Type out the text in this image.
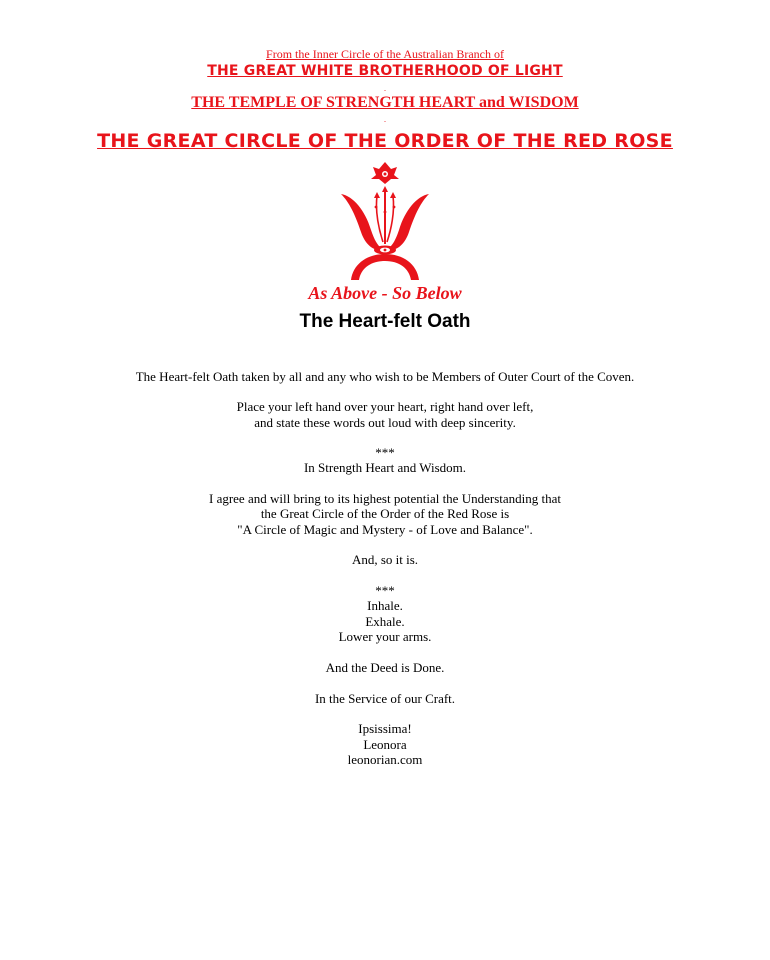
From the Inner Circle of the Australian Branch of
THE GREAT WHITE BROTHERHOOD OF LIGHT
.
THE TEMPLE OF STRENGTH HEART and WISDOM
.
THE GREAT CIRCLE OF THE ORDER OF THE RED ROSE
As Above - So Below
The Heart-felt Oath
The Heart-felt Oath taken by all and any who wish to be Members of Outer Court of the Coven.
Place your left hand over your heart, right hand over left,
and state these words out loud with deep sincerity.
***
In Strength Heart and Wisdom.
I agree and will bring to its highest potential the Understanding that
the Great Circle of the Order of the Red Rose is
"A Circle of Magic and Mystery - of Love and Balance".
And, so it is.
***
Inhale.
Exhale.
Lower your arms.
And the Deed is Done.
In the Service of our Craft.
Ipsissima!
Leonora
leonorian.com
